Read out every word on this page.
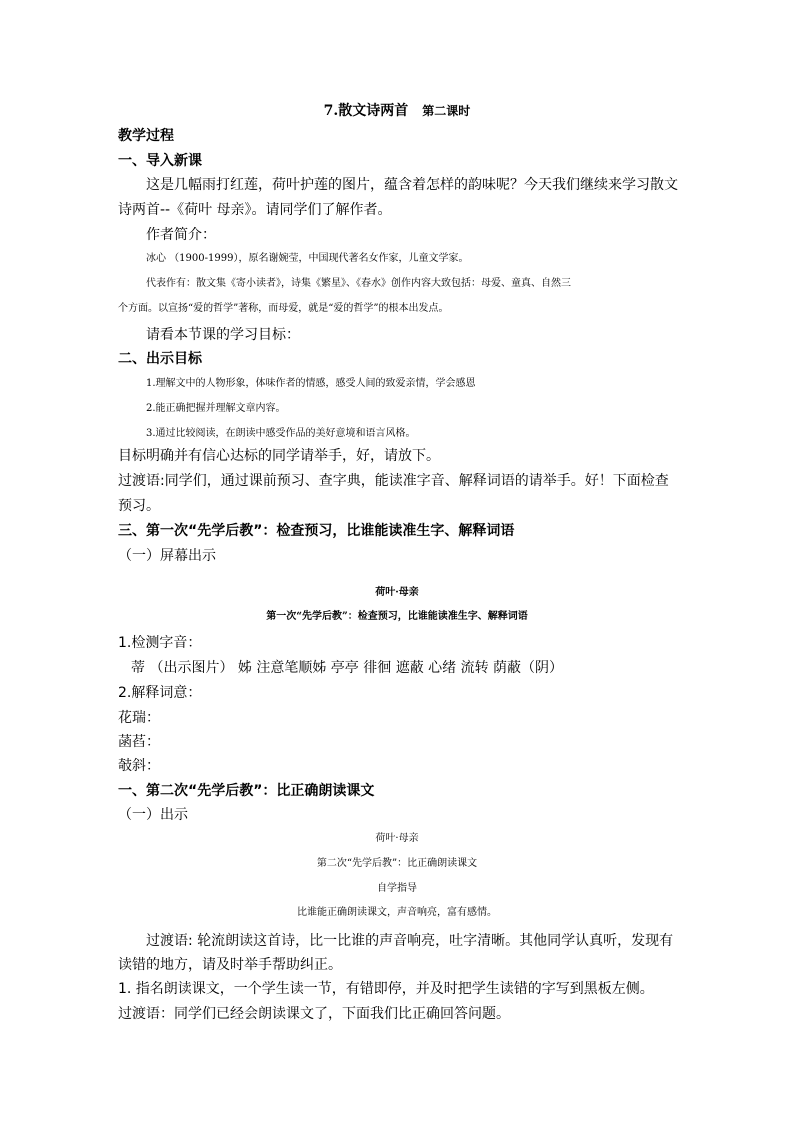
7.散文诗两首 第二课时
教学过程
一、导入新课
这是几幅雨打红莲，荷叶护莲的图片，蕴含着怎样的韵味呢？今天我们继续来学习散文
诗两首--《荷叶 母亲》。请同学们了解作者。
作者简介：
冰心 （1900-1999），原名谢婉莹，中国现代著名女作家，儿童文学家。
代表作有：散文集《寄小读者》，诗集《繁星》、《春水》创作内容大致包括：母爱、童真、自然三
个方面。以宣扬“爱的哲学”著称，而母爱，就是“爱的哲学”的根本出发点。
请看本节课的学习目标：
二、出示目标
1.理解文中的人物形象，体味作者的情感，感受人间的致爱亲情，学会感恩
2.能正确把握并理解文章内容。
3.通过比较阅读，在朗读中感受作品的美好意境和语言风格。
目标明确并有信心达标的同学请举手，好，请放下。
过渡语:同学们，通过课前预习、查字典，能读准字音、解释词语的请举手。好！下面检查
预习。
三、第一次“先学后教”：检查预习，比谁能读准生字、解释词语
（一）屏幕出示
荷叶·母亲
第一次“先学后教”：检查预习，比谁能读准生字、解释词语
1.检测字音：
蒂 （出示图片） 姊 注意笔顺姊 亭亭 徘徊 遮蔽 心绪 流转 荫蔽（阴）
2.解释词意：
花瑞：
菡萏：
攲斜：
一、第二次“先学后教”：比正确朗读课文
（一）出示
荷叶·母亲
第二次“先学后教”：比正确朗读课文
自学指导
比谁能正确朗读课文，声音响亮，富有感情。
过渡语: 轮流朗读这首诗，比一比谁的声音响亮，吐字清晰。其他同学认真听，发现有
读错的地方，请及时举手帮助纠正。
1. 指名朗读课文，一个学生读一节，有错即停，并及时把学生读错的字写到黑板左侧。
过渡语：同学们已经会朗读课文了，下面我们比正确回答问题。
